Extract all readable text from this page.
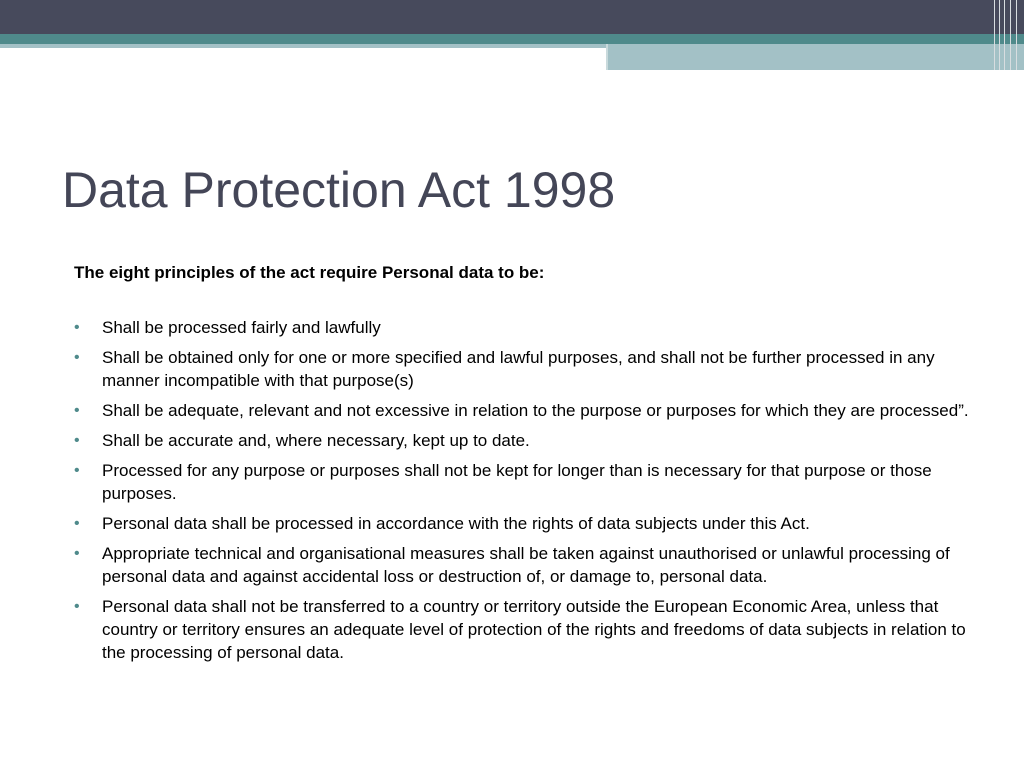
Data Protection Act 1998

The eight principles of the act require Personal data to be:

• Shall be processed fairly and lawfully
• Shall be obtained only for one or more specified and lawful purposes, and shall not be further processed in any manner incompatible with that purpose(s)
• Shall be adequate, relevant and not excessive in relation to the purpose or purposes for which they are processed”.
• Shall be accurate and, where necessary, kept up to date.
• Processed for any purpose or purposes shall not be kept for longer than is necessary for that purpose or those purposes.
• Personal data shall be processed in accordance with the rights of data subjects under this Act.
• Appropriate technical and organisational measures shall be taken against unauthorised or unlawful processing of personal data and against accidental loss or destruction of, or damage to, personal data.
• Personal data shall not be transferred to a country or territory outside the European Economic Area, unless that country or territory ensures an adequate level of protection of the rights and freedoms of data subjects in relation to the processing of personal data.
